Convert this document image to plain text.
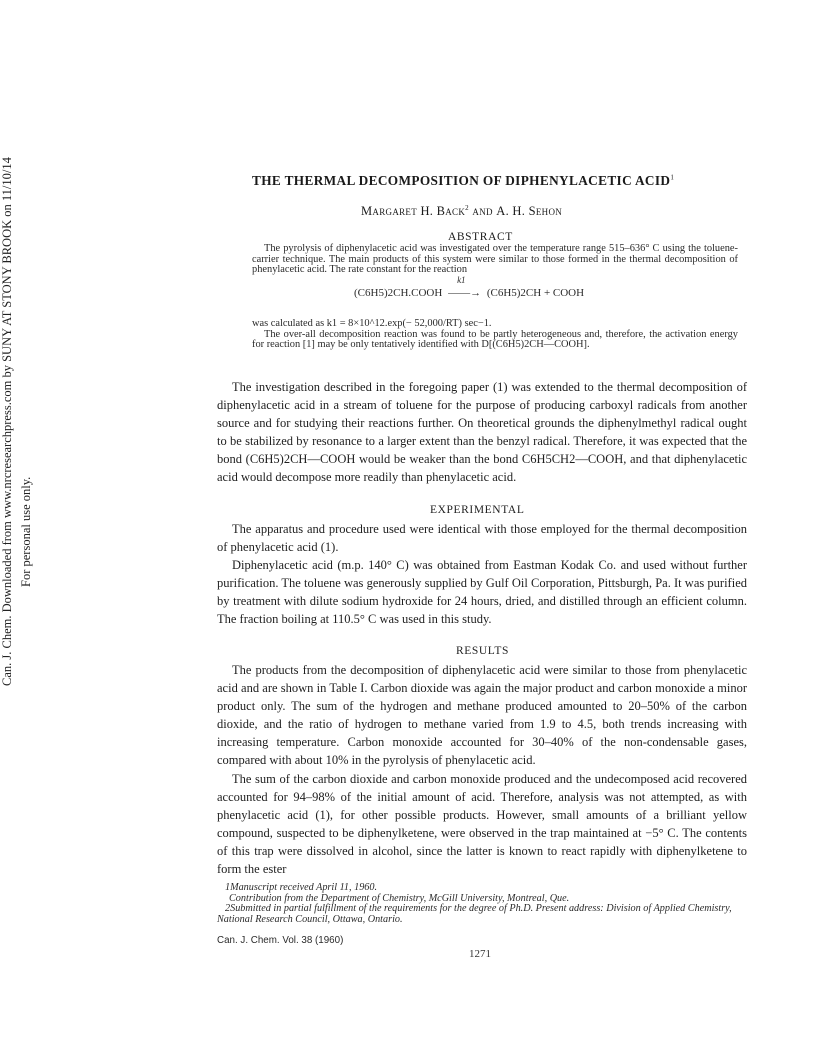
Can. J. Chem. Downloaded from www.nrcresearchpress.com by SUNY AT STONY BROOK on 11/10/14 For personal use only.
THE THERMAL DECOMPOSITION OF DIPHENYLACETIC ACID$^1$
Margaret H. Back$^2$ and A. H. Sehon
ABSTRACT

The pyrolysis of diphenylacetic acid was investigated over the temperature range 515–636° C using the toluene-carrier technique. The main products of this system were similar to those formed in the thermal decomposition of phenylacetic acid. The rate constant for the reaction

(C6H5)2CH.COOH
k1
——→ (C6H5)2CH + COOH

was calculated as k1 = 8×10^12.exp(− 52,000/RT) sec−1.

The over-all decomposition reaction was found to be partly heterogeneous and, therefore, the activation energy for reaction [1] may be only tentatively identified with D[(C6H5)2CH—COOH].

The investigation described in the foregoing paper (1) was extended to the thermal decomposition of diphenylacetic acid in a stream of toluene for the purpose of producing carboxyl radicals from another source and for studying their reactions further. On theoretical grounds the diphenylmethyl radical ought to be stabilized by resonance to a larger extent than the benzyl radical. Therefore, it was expected that the bond (C6H5)2CH—COOH would be weaker than the bond C6H5CH2—COOH, and that diphenylacetic acid would decompose more readily than phenylacetic acid.

EXPERIMENTAL

The apparatus and procedure used were identical with those employed for the thermal decomposition of phenylacetic acid (1).

Diphenylacetic acid (m.p. 140° C) was obtained from Eastman Kodak Co. and used without further purification. The toluene was generously supplied by Gulf Oil Corporation, Pittsburgh, Pa. It was purified by treatment with dilute sodium hydroxide for 24 hours, dried, and distilled through an efficient column. The fraction boiling at 110.5° C was used in this study.

RESULTS

The products from the decomposition of diphenylacetic acid were similar to those from phenylacetic acid and are shown in Table I. Carbon dioxide was again the major product and carbon monoxide a minor product only. The sum of the hydrogen and methane produced amounted to 20–50% of the carbon dioxide, and the ratio of hydrogen to methane varied from 1.9 to 4.5, both trends increasing with increasing temperature. Carbon monoxide accounted for 30–40% of the non-condensable gases, compared with about 10% in the pyrolysis of phenylacetic acid.

The sum of the carbon dioxide and carbon monoxide produced and the undecomposed acid recovered accounted for 94–98% of the initial amount of acid. Therefore, analysis was not attempted, as with phenylacetic acid (1), for other possible products. However, small amounts of a brilliant yellow compound, suspected to be diphenylketene, were observed in the trap maintained at −5° C. The contents of this trap were dissolved in alcohol, since the latter is known to react rapidly with diphenylketene to form the ester

1Manuscript received April 11, 1960.

Contribution from the Department of Chemistry, McGill University, Montreal, Que.

2Submitted in partial fulfillment of the requirements for the degree of Ph.D. Present address: Division of Applied Chemistry, National Research Council, Ottawa, Ontario.

Can. J. Chem. Vol. 38 (1960)
1271
